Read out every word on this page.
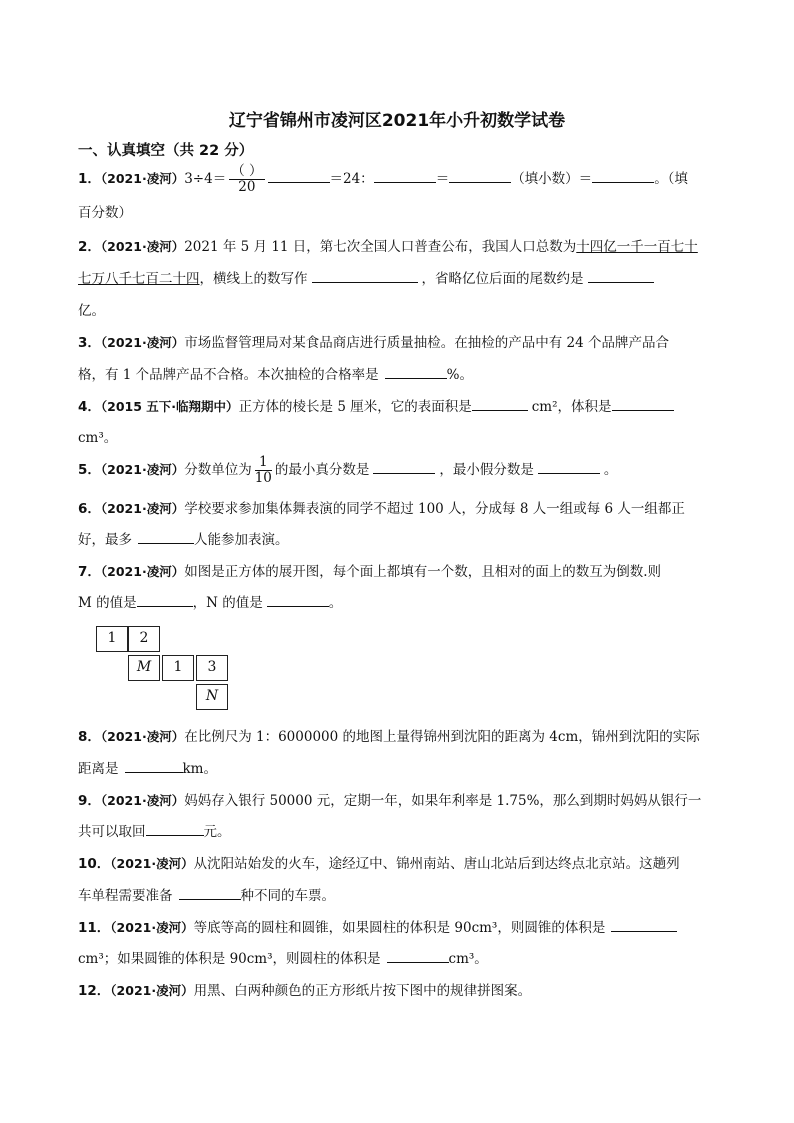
辽宁省锦州市凌河区2021年小升初数学试卷
一、认真填空（共 22 分）
1．（2021·凌河）$3\div 4= \frac{( )}{20}$	＝24：	＝	（填小数）＝	。（填
百分数）
2．（2021·凌河）2021 年 5 月 11 日，第七次全国人口普查公布，我国人口总数为十四亿一千一百七十
七万八千七百二十四，横线上的数写作	，省略亿位后面的尾数约是
亿。
3．（2021·凌河）市场监督管理局对某食品商店进行质量抽检。在抽检的产品中有 24 个品牌产品合
格，有 1 个品牌产品不合格。本次抽检的合格率是	%。
4．（2015 五下·临翔期中）正方体的棱长是 5 厘米，它的表面积是	cm²，体积是
cm³。
5．（2021·凌河）分数单位为 $\frac{1}{10}$ 的最小真分数是	，最小假分数是	。
6．（2021·凌河）学校要求参加集体舞表演的同学不超过 100 人，分成每 8 人一组或每 6 人一组都正
好，最多	人能参加表演。
7．（2021·凌河）如图是正方体的展开图，每个面上都填有一个数，且相对的面上的数互为倒数.则
M 的值是	，N 的值是	。
1	2
M	1	3
N
8．（2021·凌河）在比例尺为 1：6000000 的地图上量得锦州到沈阳的距离为 4cm，锦州到沈阳的实际
距离是	km。
9．（2021·凌河）妈妈存入银行 50000 元，定期一年，如果年利率是 1.75%，那么到期时妈妈从银行一
共可以取回	元。
10．（2021·凌河）从沈阳站始发的火车，途经辽中、锦州南站、唐山北站后到达终点北京站。这趟列
车单程需要准备	种不同的车票。
11．（2021·凌河）等底等高的圆柱和圆锥，如果圆柱的体积是 90cm³，则圆锥的体积是
cm³；如果圆锥的体积是 90cm³，则圆柱的体积是	cm³。
12．（2021·凌河）用黑、白两种颜色的正方形纸片按下图中的规律拼图案。
